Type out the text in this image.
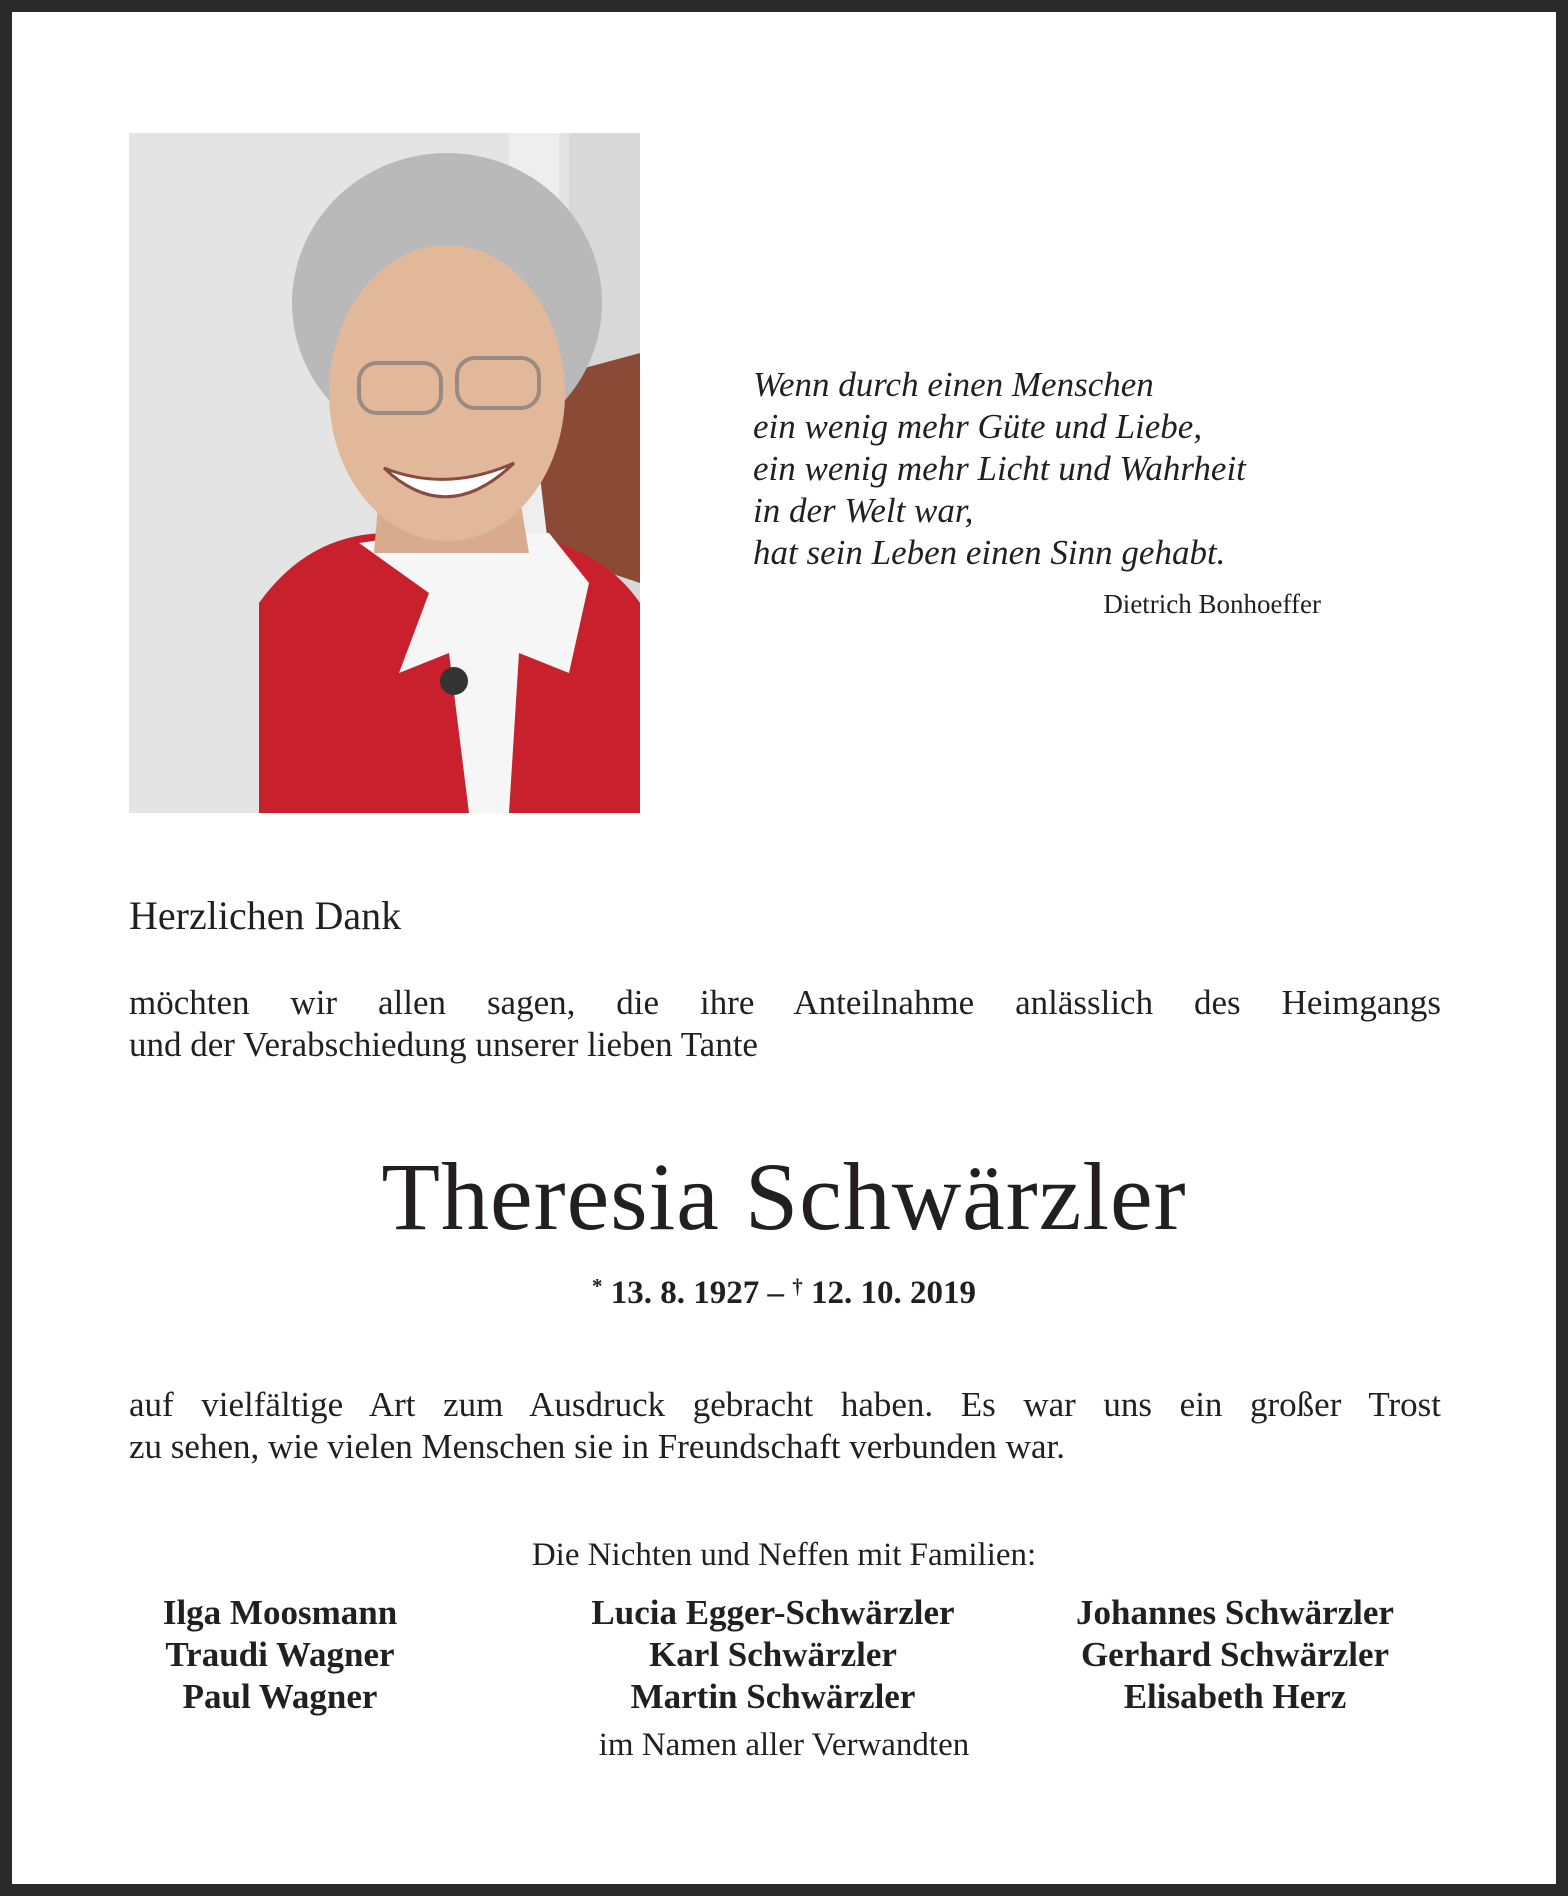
Wenn durch einen Menschen
ein wenig mehr Güte und Liebe,
ein wenig mehr Licht und Wahrheit
in der Welt war,
hat sein Leben einen Sinn gehabt.
Dietrich Bonhoeffer
Herzlichen Dank
möchten wir allen sagen, die ihre Anteilnahme anlässlich des Heimgangs
und der Verabschiedung unserer lieben Tante
Theresia Schwärzler
* 13. 8. 1927 – † 12. 10. 2019
auf vielfältige Art zum Ausdruck gebracht haben. Es war uns ein großer Trost
zu sehen, wie vielen Menschen sie in Freundschaft verbunden war.
Die Nichten und Neffen mit Familien:
Ilga Moosmann
Traudi Wagner
Paul Wagner
Lucia Egger-Schwärzler
Karl Schwärzler
Martin Schwärzler
Johannes Schwärzler
Gerhard Schwärzler
Elisabeth Herz
im Namen aller Verwandten
